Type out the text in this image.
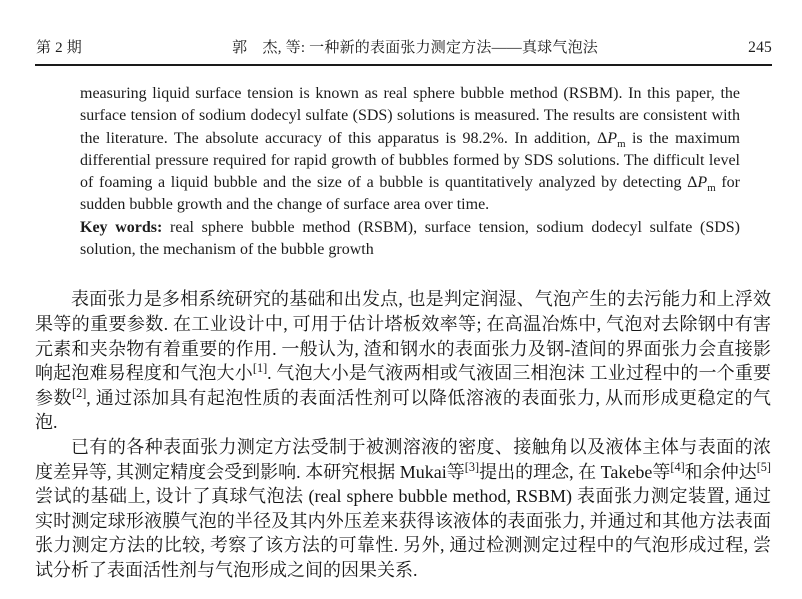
第 2 期	郭　杰, 等: 一种新的表面张力测定方法——真球气泡法	245

measuring liquid surface tension is known as real sphere bubble method (RSBM). In this paper, the surface tension of sodium dodecyl sulfate (SDS) solutions is measured. The results are consistent with the literature. The absolute accuracy of this apparatus is 98.2%. In addition, $\Delta P_m$ is the maximum differential pressure required for rapid growth of bubbles formed by SDS solutions. The difficult level of foaming a liquid bubble and the size of a bubble is quantitatively analyzed by detecting $\Delta P_m$ for sudden bubble growth and the change of surface area over time.

Key words: real sphere bubble method (RSBM), surface tension, sodium dodecyl sulfate (SDS) solution, the mechanism of the bubble growth

表面张力是多相系统研究的基础和出发点, 也是判定润湿、气泡产生的去污能力和上浮效果等的重要参数. 在工业设计中, 可用于估计塔板效率等; 在高温冶炼中, 气泡对去除钢中有害元素和夹杂物有着重要的作用. 一般认为, 渣和钢水的表面张力及钢-渣间的界面张力会直接影响起泡难易程度和气泡大小[1]. 气泡大小是气液两相或气液固三相泡沫 工业过程中的一个重要参数[2], 通过添加具有起泡性质的表面活性剂可以降低溶液的表面张力, 从而形成更稳定的气泡.

已有的各种表面张力测定方法受制于被测溶液的密度、接触角以及液体主体与表面的浓度差异等, 其测定精度会受到影响. 本研究根据 Mukai等[3]提出的理念, 在 Takebe等[4]和余仲达[5]尝试的基础上, 设计了真球气泡法 (real sphere bubble method, RSBM) 表面张力测定装置, 通过实时测定球形液膜气泡的半径及其内外压差来获得该液体的表面张力, 并通过和其他方法表面张力测定方法的比较, 考察了该方法的可靠性. 另外, 通过检测测定过程中的气泡形成过程, 尝试分析了表面活性剂与气泡形成之间的因果关系.
